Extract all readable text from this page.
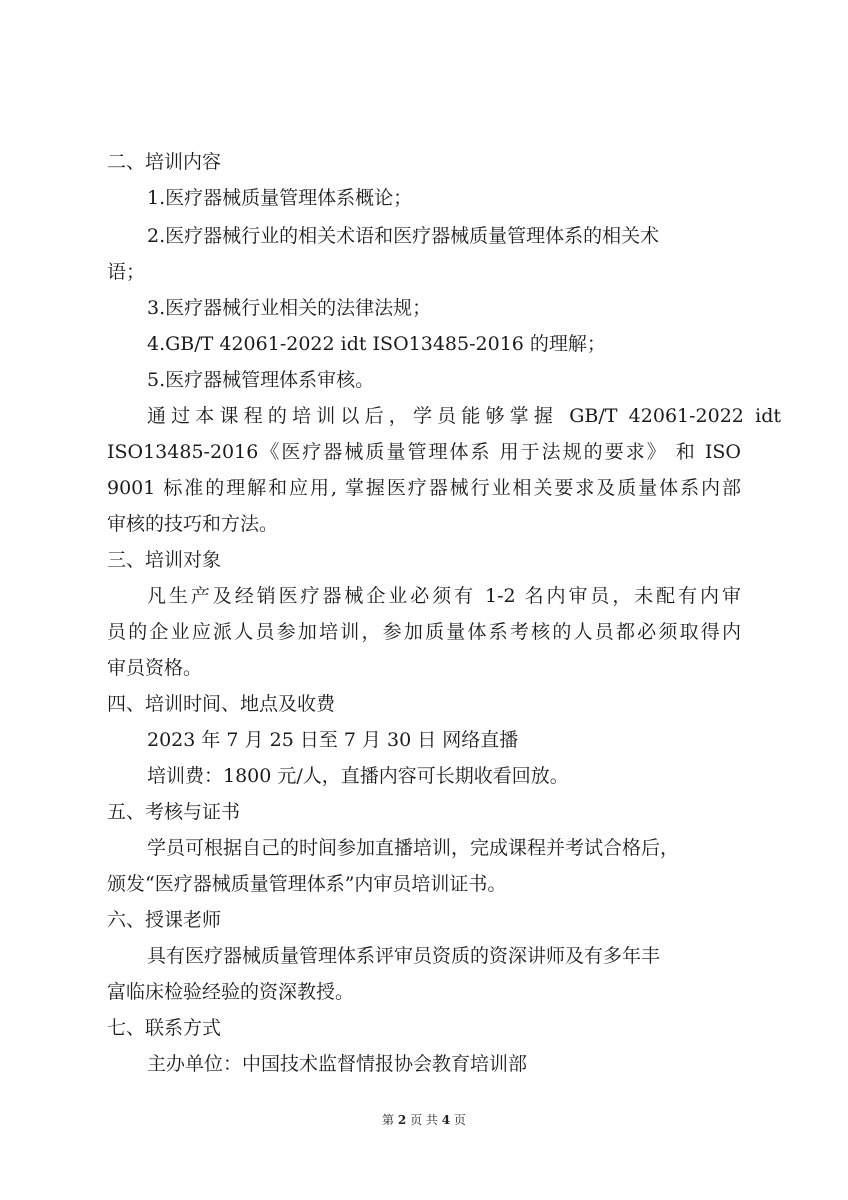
二、培训内容

1.医疗器械质量管理体系概论；

2.医疗器械行业的相关术语和医疗器械质量管理体系的相关术

语；

3.医疗器械行业相关的法律法规；

4.GB/T 42061-2022 idt ISO13485-2016 的理解；

5.医疗器械管理体系审核。

通过本课程的培训以后，学员能够掌握 GB/T 42061-2022 idt

ISO13485-2016《医疗器械质量管理体系 用于法规的要求》 和 ISO

9001 标准的理解和应用, 掌握医疗器械行业相关要求及质量体系内部

审核的技巧和方法。

三、培训对象

凡生产及经销医疗器械企业必须有 1-2 名内审员，未配有内审

员的企业应派人员参加培训，参加质量体系考核的人员都必须取得内

审员资格。

四、培训时间、地点及收费

2023 年 7 月 25 日至 7 月 30 日 网络直播

培训费：1800 元/人，直播内容可长期收看回放。

五、考核与证书

学员可根据自己的时间参加直播培训，完成课程并考试合格后，

颁发“医疗器械质量管理体系”内审员培训证书。

六、授课老师

具有医疗器械质量管理体系评审员资质的资深讲师及有多年丰

富临床检验经验的资深教授。

七、联系方式

主办单位：中国技术监督情报协会教育培训部

第 2 页 共 4 页
